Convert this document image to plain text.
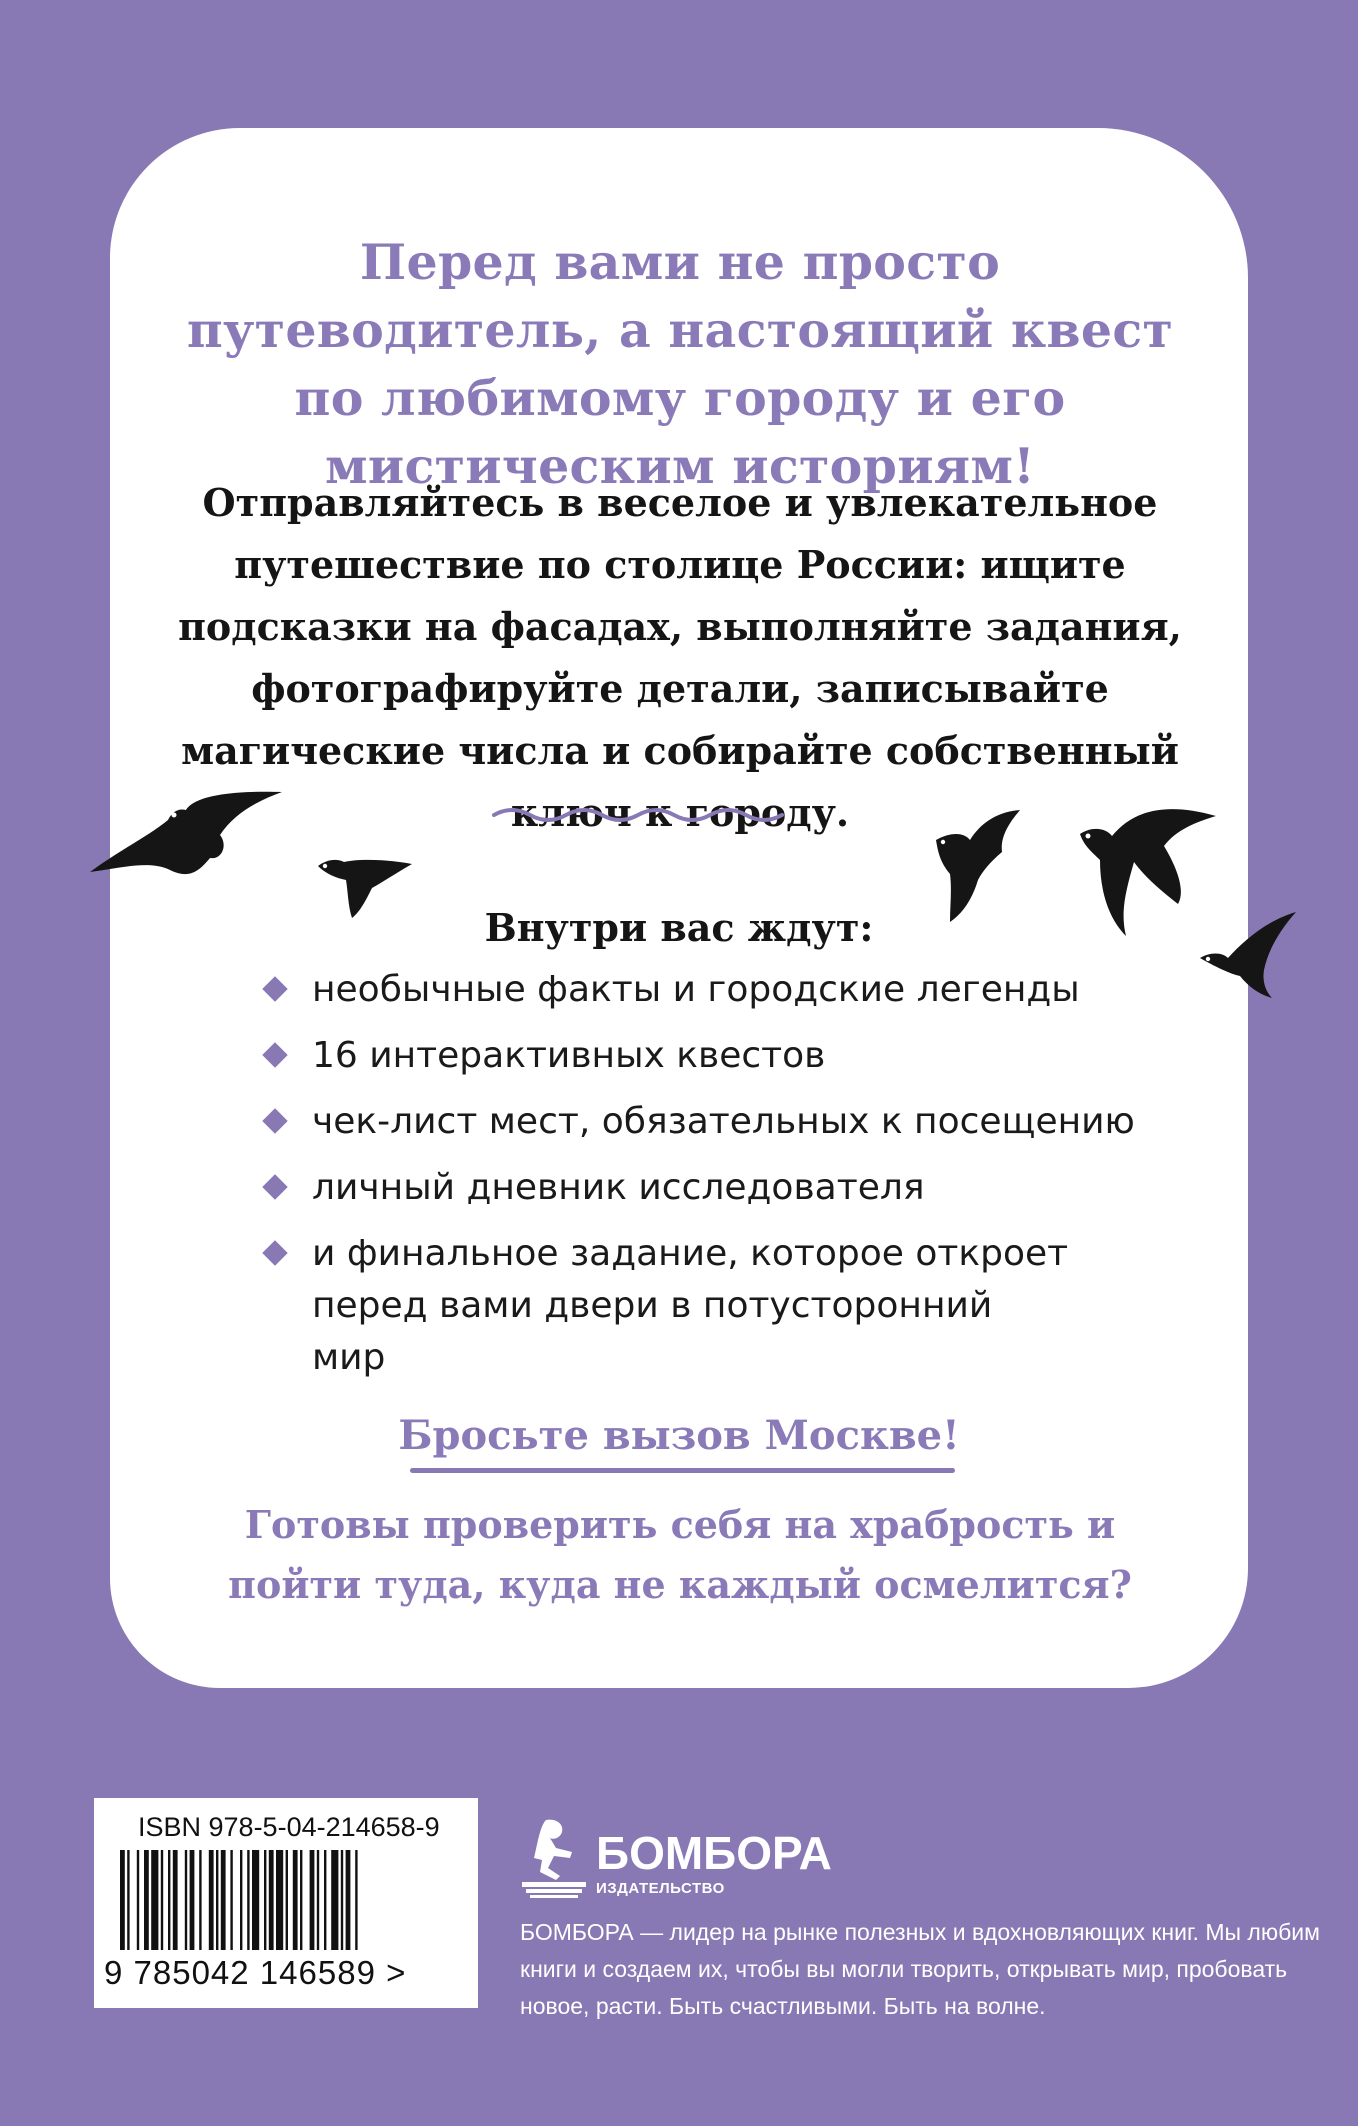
Перед вами не просто путеводитель, а настоящий квест по любимому городу и его мистическим историям!
Отправляйтесь в веселое и увлекательное путешествие по столице России: ищите подсказки на фасадах, выполняйте задания, фотографируйте детали, записывайте магические числа и собирайте собственный ключ к городу.
Внутри вас ждут:
необычные факты и городские легенды
16 интерактивных квестов
чек-лист мест, обязательных к посещению
личный дневник исследователя
и финальное задание, которое откроет перед вами двери в потусторонний мир
Бросьте вызов Москве!
Готовы проверить себя на храбрость и пойти туда, куда не каждый осмелится?
ISBN 978-5-04-214658-9
9 785042 146589 >
БОМБОРА
ИЗДАТЕЛЬСТВО
БОМБОРА — лидер на рынке полезных и вдохновляющих книг. Мы любим книги и создаем их, чтобы вы могли творить, открывать мир, пробовать новое, расти. Быть счастливыми. Быть на волне.
